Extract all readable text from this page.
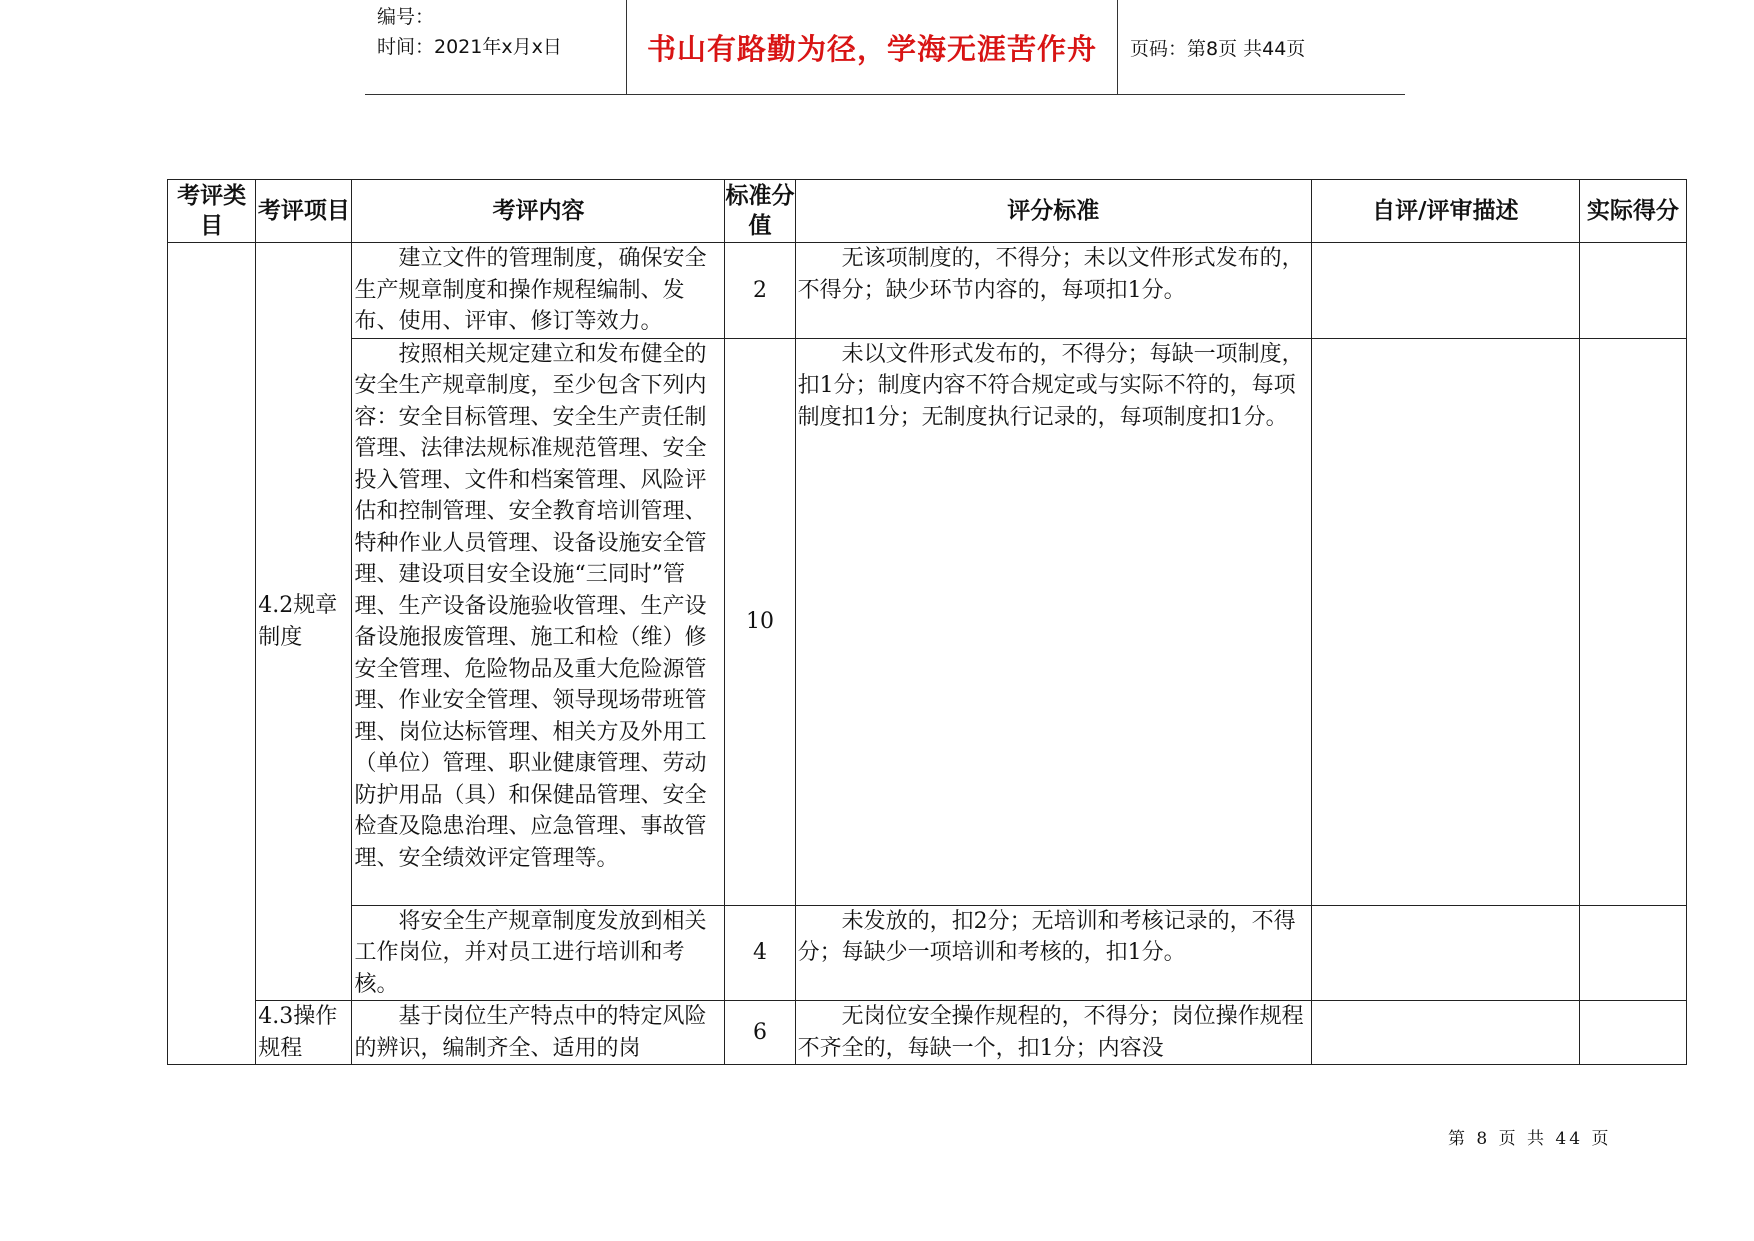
编号：
时间：2021年x月x日	书山有路勤为径，学海无涯苦作舟	页码：第8页 共44页
考评类目	考评项目	考评内容	标准分值	评分标准	自评/评审描述	实际得分
	4.2规章制度	建立文件的管理制度，确保安全生产规章制度和操作规程编制、发布、使用、评审、修订等效力。	2	无该项制度的，不得分；未以文件形式发布的，不得分；缺少环节内容的，每项扣1分。		
		按照相关规定建立和发布健全的安全生产规章制度，至少包含下列内容：安全目标管理、安全生产责任制管理、法律法规标准规范管理、安全投入管理、文件和档案管理、风险评估和控制管理、安全教育培训管理、特种作业人员管理、设备设施安全管理、建设项目安全设施“三同时”管理、生产设备设施验收管理、生产设备设施报废管理、施工和检（维）修安全管理、危险物品及重大危险源管理、作业安全管理、领导现场带班管理、岗位达标管理、相关方及外用工（单位）管理、职业健康管理、劳动防护用品（具）和保健品管理、安全检查及隐患治理、应急管理、事故管理、安全绩效评定管理等。	10	未以文件形式发布的，不得分；每缺一项制度，扣1分；制度内容不符合规定或与实际不符的，每项制度扣1分；无制度执行记录的，每项制度扣1分。		
		将安全生产规章制度发放到相关工作岗位，并对员工进行培训和考核。	4	未发放的，扣2分；无培训和考核记录的，不得分；每缺少一项培训和考核的，扣1分。		
	4.3操作规程	基于岗位生产特点中的特定风险的辨识，编制齐全、适用的岗	6	无岗位安全操作规程的，不得分；岗位操作规程不齐全的，每缺一个，扣1分；内容没		
第 8 页 共 44 页
